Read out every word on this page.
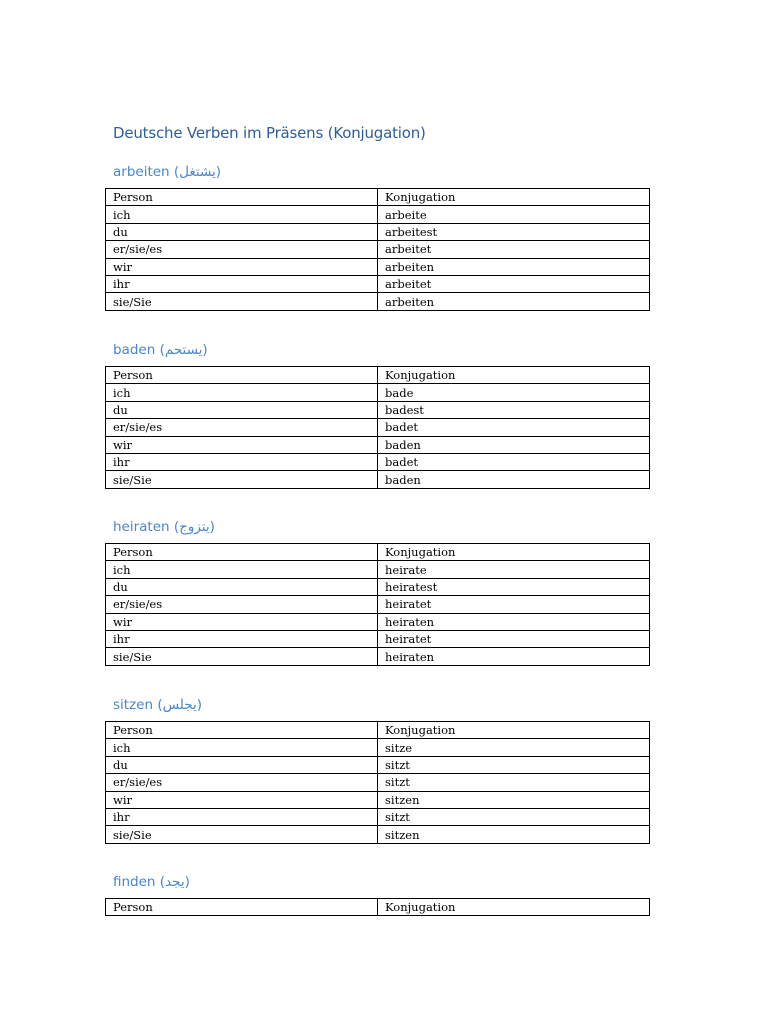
Deutsche Verben im Präsens (Konjugation)
arbeiten (يشتغل)
Person	Konjugation
ich	arbeite
du	arbeitest
er/sie/es	arbeitet
wir	arbeiten
ihr	arbeitet
sie/Sie	arbeiten
baden (يستحم)
Person	Konjugation
ich	bade
du	badest
er/sie/es	badet
wir	baden
ihr	badet
sie/Sie	baden
heiraten (يتزوج)
Person	Konjugation
ich	heirate
du	heiratest
er/sie/es	heiratet
wir	heiraten
ihr	heiratet
sie/Sie	heiraten
sitzen (يجلس)
Person	Konjugation
ich	sitze
du	sitzt
er/sie/es	sitzt
wir	sitzen
ihr	sitzt
sie/Sie	sitzen
finden (يجد)
Person	Konjugation
